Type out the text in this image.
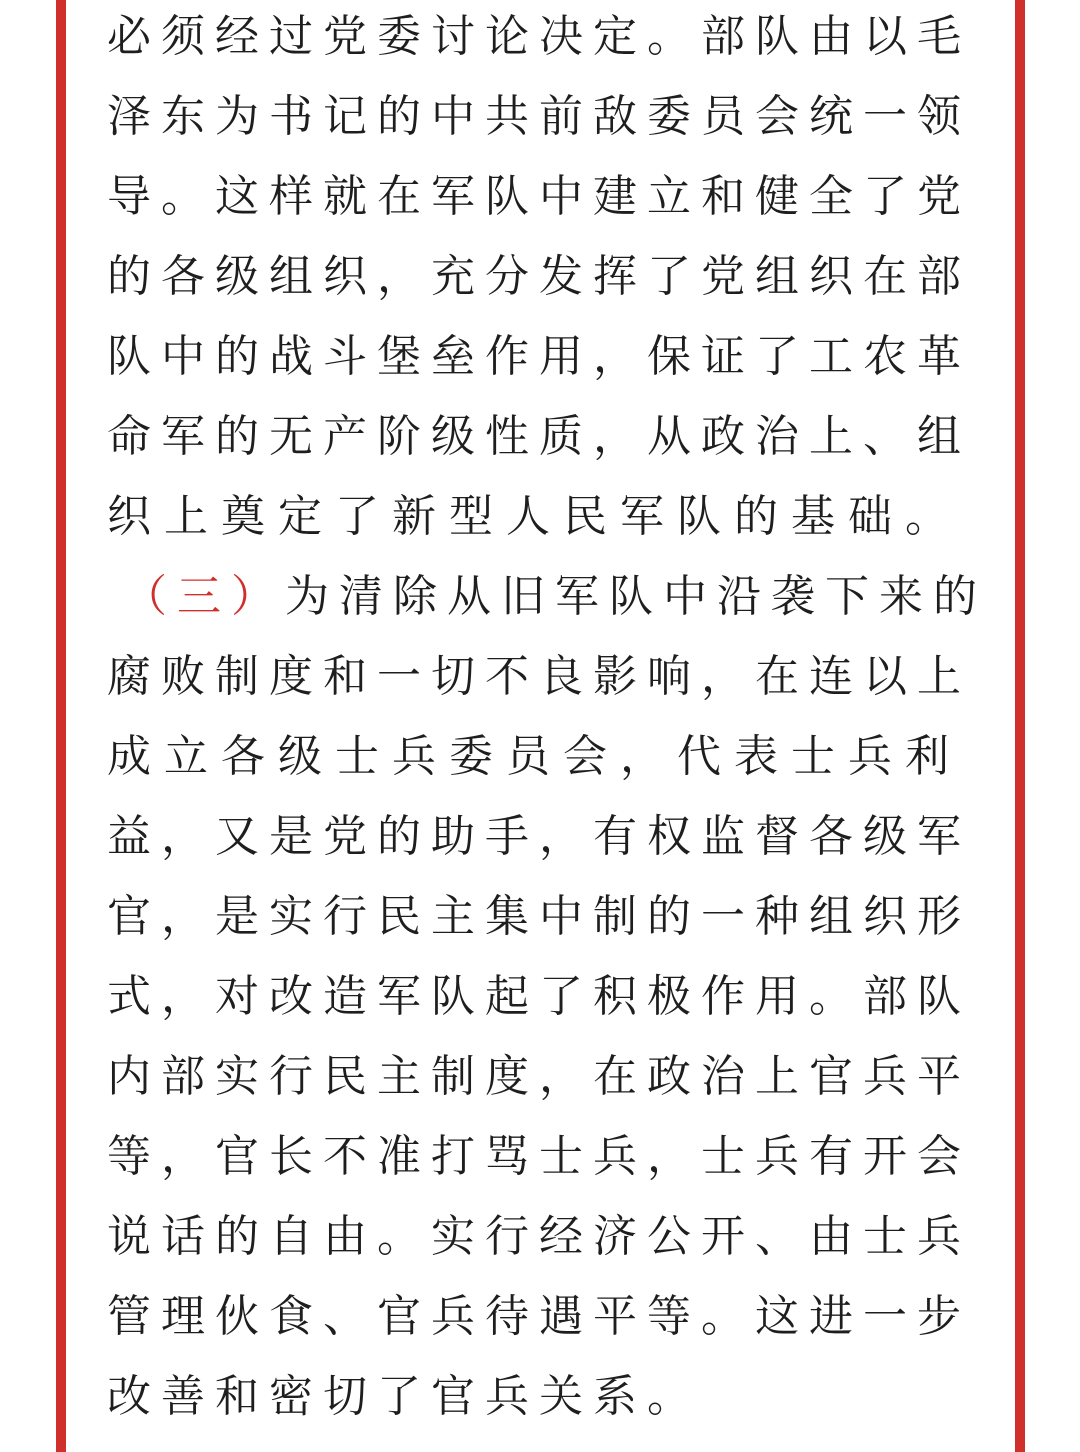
必须经过党委讨论决定。部队由以毛
泽东为书记的中共前敌委员会统一领
导。这样就在军队中建立和健全了党
的各级组织，充分发挥了党组织在部
队中的战斗堡垒作用，保证了工农革
命军的无产阶级性质，从政治上、组
织上奠定了新型人民军队的基础。
（三）为清除从旧军队中沿袭下来的
腐败制度和一切不良影响，在连以上
成立各级士兵委员会，代表士兵利
益，又是党的助手，有权监督各级军
官，是实行民主集中制的一种组织形
式，对改造军队起了积极作用。部队
内部实行民主制度，在政治上官兵平
等，官长不准打骂士兵，士兵有开会
说话的自由。实行经济公开、由士兵
管理伙食、官兵待遇平等。这进一步
改善和密切了官兵关系。
